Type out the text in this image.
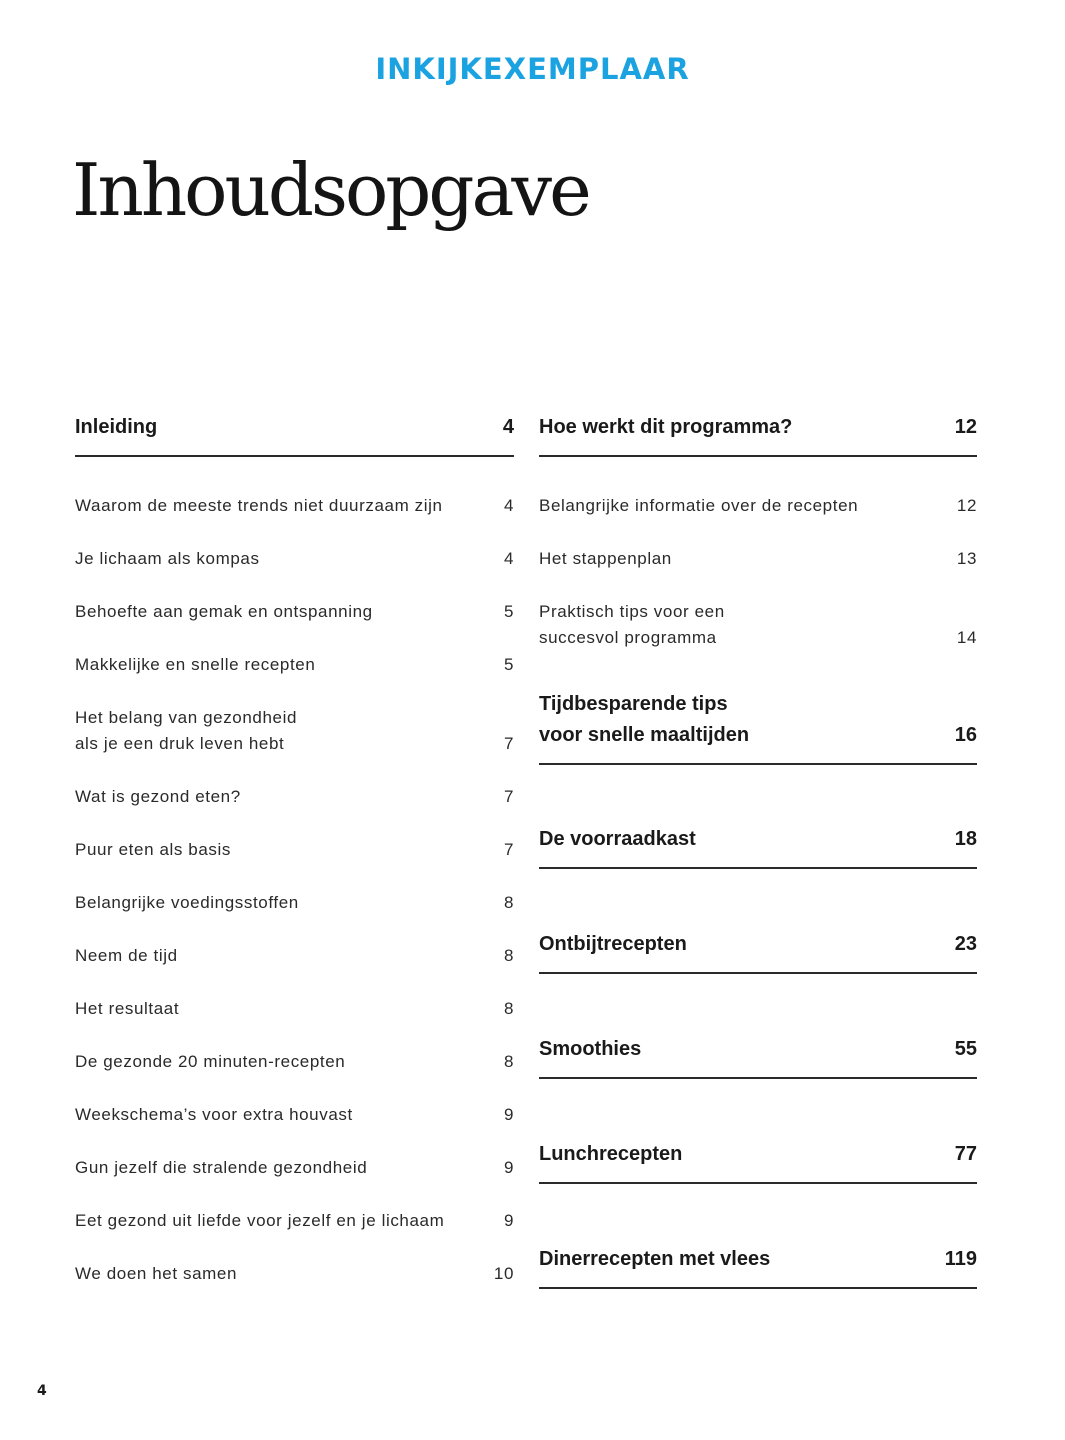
INKIJKEXEMPLAAR
Inhoudsopgave
Inleiding	4
Waarom de meeste trends niet duurzaam zijn	4
Je lichaam als kompas	4
Behoefte aan gemak en ontspanning	5
Makkelijke en snelle recepten	5
Het belang van gezondheid
als je een druk leven hebt	7
Wat is gezond eten?	7
Puur eten als basis	7
Belangrijke voedingsstoffen	8
Neem de tijd	8
Het resultaat	8
De gezonde 20 minuten-recepten	8
Weekschema’s voor extra houvast	9
Gun jezelf die stralende gezondheid	9
Eet gezond uit liefde voor jezelf en je lichaam	9
We doen het samen	10
Hoe werkt dit programma?	12
Belangrijke informatie over de recepten	12
Het stappenplan	13
Praktisch tips voor een
succesvol programma	14
Tijdbesparende tips
voor snelle maaltijden	16
De voorraadkast	18
Ontbijtrecepten	23
Smoothies	55
Lunchrecepten	77
Dinerrecepten met vlees	119
4
